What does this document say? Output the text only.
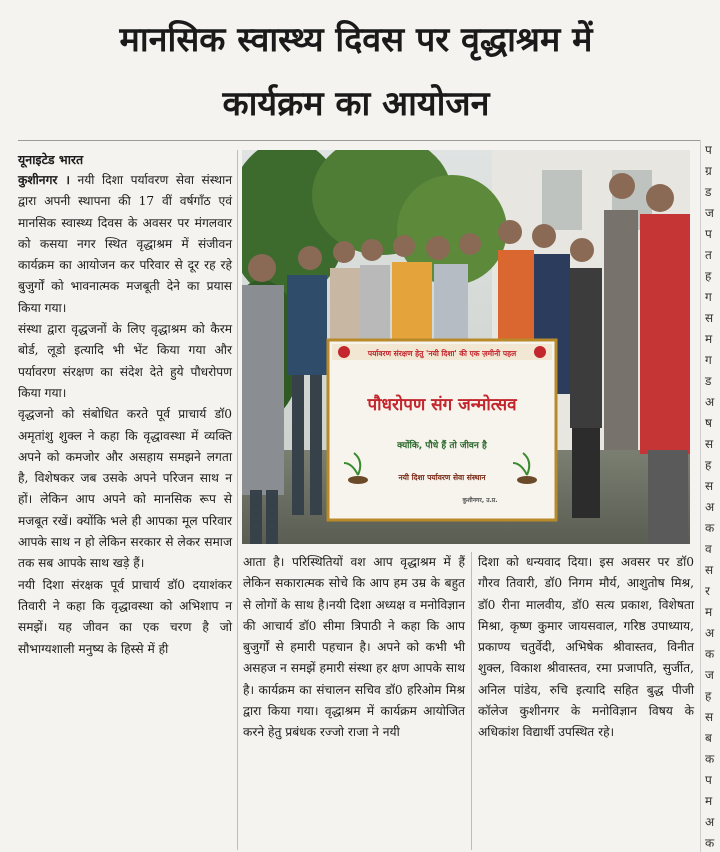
मानसिक स्वास्थ्य दिवस पर वृद्धाश्रम में
कार्यक्रम का आयोजन
यूनाइटेड भारत

कुशीनगर । नयी दिशा पर्यावरण सेवा संस्थान द्वारा अपनी स्थापना की 17 वीं वर्षगाँठ एवं मानसिक स्वास्थ्य दिवस के अवसर पर मंगलवार को कसया नगर स्थित वृद्धाश्रम में संजीवन कार्यक्रम का आयोजन कर परिवार से दूर रह रहे बुजुर्गों को भावनात्मक मजबूती देने का प्रयास किया गया।

संस्था द्वारा वृद्धजनों के लिए वृद्धाश्रम को कैरम बोर्ड, लूडो इत्यादि भी भेंट किया गया और पर्यावरण संरक्षण का संदेश देते हुये पौधरोपण किया गया।

वृद्धजनो को संबोधित करते पूर्व प्राचार्य डॉ0 अमृतांशु शुक्ल ने कहा कि वृद्धावस्था में व्यक्ति अपने को कमजोर और असहाय समझने लगता है, विशेषकर जब उसके अपने परिजन साथ न हों। लेकिन आप अपने को मानसिक रूप से मजबूत रखें। क्योंकि भले ही आपका मूल परिवार आपके साथ न हो लेकिन सरकार से लेकर समाज तक सब आपके साथ खड़े हैं।

नयी दिशा संरक्षक पूर्व प्राचार्य डॉ0 दयाशंकर तिवारी ने कहा कि वृद्धावस्था को अभिशाप न समझें। यह जीवन का एक चरण है जो सौभाग्यशाली मनुष्य के हिस्से में ही

पर्यावरण संरक्षण हेतु 'नयी दिशा' की एक ज़मीनी पहल
पौधरोपण संग जन्मोत्सव
क्योंकि, पौधे हैं तो जीवन है
नयी दिशा पर्यावरण सेवा संस्थान
कुशीनगर, उ.प्र.

आता है। परिस्थितियों वश आप वृद्धाश्रम में हैं लेकिन सकारात्मक सोचे कि आप हम उम्र के बहुत से लोगों के साथ है।नयी दिशा अध्यक्ष व मनोविज्ञान की आचार्य डॉ0 सीमा त्रिपाठी ने कहा कि आप बुजुर्गों से हमारी पहचान है। अपने को कभी भी असहज न समझें हमारी संस्था हर क्षण आपके साथ है। कार्यक्रम का संचालन सचिव डॉ0 हरिओम मिश्र द्वारा किया गया। वृद्धाश्रम में कार्यक्रम आयोजित करने हेतु प्रबंधक रज्जो राजा ने नयी

दिशा को धन्यवाद दिया। इस अवसर पर डॉ0 गौरव तिवारी, डॉ0 निगम मौर्य, आशुतोष मिश्र, डॉ0 रीना मालवीय, डॉ0 सत्य प्रकाश, विशेषता मिश्रा, कृष्ण कुमार जायसवाल, गरिष्ठ उपाध्याय, प्रकाण्य चतुर्वेदी, अभिषेक श्रीवास्तव, विनीत शुक्ल, विकाश श्रीवास्तव, रमा प्रजापति, सुर्जीत, अनिल पांडेय, रुचि इत्यादि सहित बुद्ध पीजी कॉलेज कुशीनगर के मनोविज्ञान विषय के अधिकांश विद्यार्थी उपस्थित रहे।

प
ग्र
ड
ज
प
त
ह
ग
स
म
ग
ड
अ
ष
स
ह
स
अ
क
व
स
र
म
अ
क
ज
ह
स
ब
क
प
म
अ
क
